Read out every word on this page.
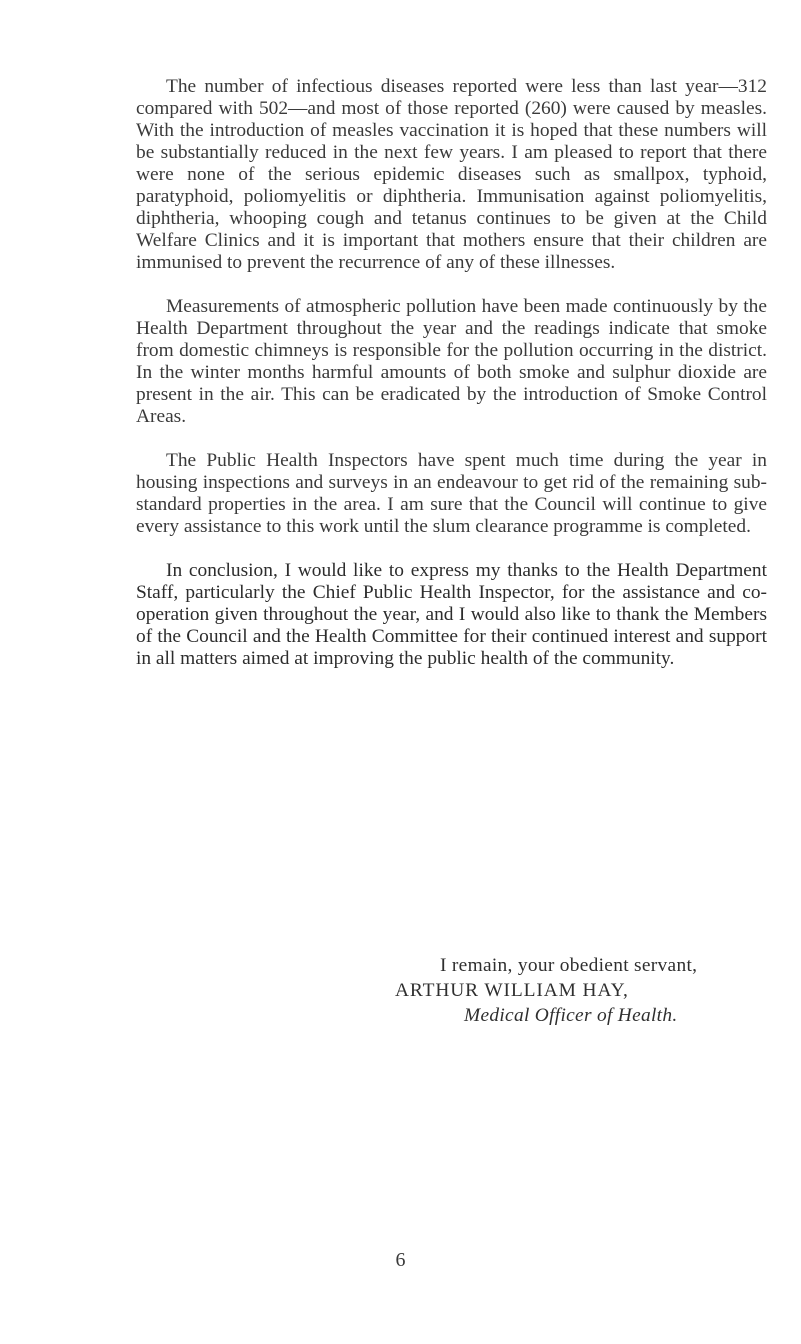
The number of infectious diseases reported were less than last year—312 compared with 502—and most of those reported (260) were caused by measles. With the introduction of measles vaccination it is hoped that these numbers will be substantially reduced in the next few years. I am pleased to report that there were none of the serious epidemic diseases such as smallpox, typhoid, paratyphoid, poliomyelitis or diphtheria. Immunisation against poliomyelitis, diphtheria, whooping cough and tetanus continues to be given at the Child Welfare Clinics and it is important that mothers ensure that their children are immunised to prevent the recurrence of any of these illnesses.

Measurements of atmospheric pollution have been made continuously by the Health Department throughout the year and the readings indicate that smoke from domestic chimneys is responsible for the pollution occurring in the district. In the winter months harmful amounts of both smoke and sulphur dioxide are present in the air. This can be eradicated by the introduction of Smoke Control Areas.

The Public Health Inspectors have spent much time during the year in housing inspections and surveys in an endeavour to get rid of the remaining sub-standard properties in the area. I am sure that the Council will continue to give every assistance to this work until the slum clearance programme is completed.

In conclusion, I would like to express my thanks to the Health Department Staff, particularly the Chief Public Health Inspector, for the assistance and co-operation given throughout the year, and I would also like to thank the Members of the Council and the Health Committee for their continued interest and support in all matters aimed at improving the public health of the community.

I remain, your obedient servant,
ARTHUR WILLIAM HAY,
Medical Officer of Health.
6
